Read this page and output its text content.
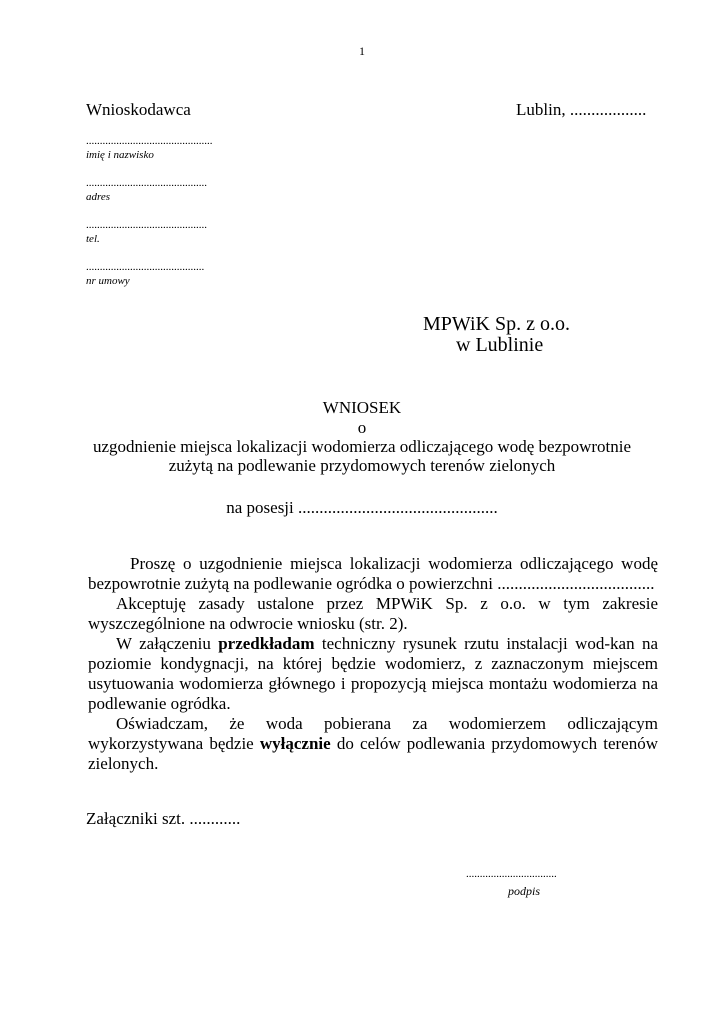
1
Wnioskodawca	Lublin, ..................
..............................................
imię i nazwisko
............................................
adres
............................................
tel.
...........................................
nr umowy
MPWiK Sp. z o.o.
w Lublinie
WNIOSEK
o
uzgodnienie miejsca lokalizacji wodomierza odliczającego wodę bezpowrotnie
zużytą na podlewanie przydomowych terenów zielonych
na posesji ...............................................

Proszę o uzgodnienie miejsca lokalizacji wodomierza odliczającego wodę bezpowrotnie zużytą na podlewanie ogródka o powierzchni .....................................

Akceptuję zasady ustalone przez MPWiK Sp. z o.o. w tym zakresie wyszczególnione na odwrocie wniosku (str. 2).

W załączeniu przedkładam techniczny rysunek rzutu instalacji wod-kan na poziomie kondygnacji, na której będzie wodomierz, z zaznaczonym miejscem usytuowania wodomierza głównego i propozycją miejsca montażu wodomierza na podlewanie ogródka.

Oświadczam, że woda pobierana za wodomierzem odliczającym wykorzystywana będzie wyłącznie do celów podlewania przydomowych terenów zielonych.

Załączniki szt. ............
.................................
podpis
